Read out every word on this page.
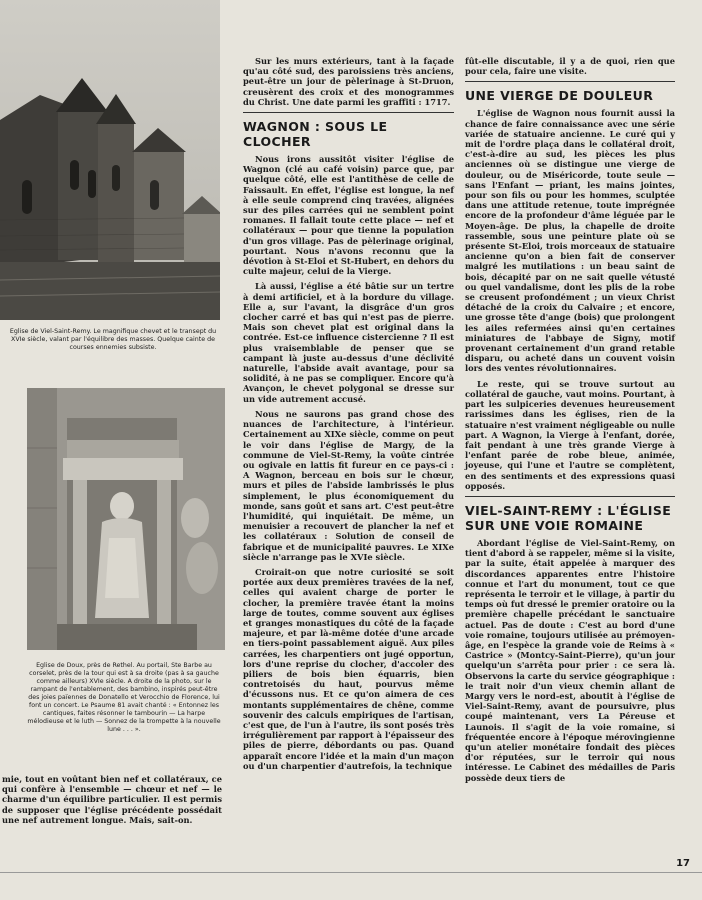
Eglise de Viel-Saint-Remy. Le magnifique chevet et le transept du XVIe siècle, valant par l'équilibre des masses. Quelque cainte de courses ennemies subsiste.
Eglise de Doux, près de Rethel. Au portail, Ste Barbe au corselet, près de la tour qui est à sa droite (pas à sa gauche comme ailleurs) XVIe siècle. A droite de la photo, sur le rampant de l'entablement, des bambino, inspirés peut-être des joies païennes de Donatello et Verocchio de Florence, lui font un concert. Le Psaume 81 avait chanté : « Entonnez les cantiques, faites résonner le tambourin — La harpe mélodieuse et le luth — Sonnez de la trompette à la nouvelle lune . . . ».

mie, tout en voûtant bien nef et collatéraux, ce qui confère à l'ensemble — chœur et nef — le charme d'un équilibre particulier. Il est permis de supposer que l'église précédente possédait une nef autrement longue. Mais, sait-on.

Sur les murs extérieurs, tant à la façade qu'au côté sud, des paroissiens très anciens, peut-être un jour de pèlerinage à St-Druon, creusèrent des croix et des monogrammes du Christ. Une date parmi les graffiti : 1717.

WAGNON : SOUS LE CLOCHER

Nous irons aussitôt visiter l'église de Wagnon (clé au café voisin) parce que, par quelque côté, elle est l'antithèse de celle de Faissault. En effet, l'église est longue, la nef à elle seule comprend cinq travées, alignées sur des piles carrées qui ne semblent point romanes. Il fallait toute cette place — nef et collatéraux — pour que tienne la population d'un gros village. Pas de pèlerinage original, pourtant. Nous n'avons reconnu que la dévotion à St-Eloi et St-Hubert, en dehors du culte majeur, celui de la Vierge.

Là aussi, l'église a été bâtie sur un tertre à demi artificiel, et à la bordure du village. Elle a, sur l'avant, la disgrâce d'un gros clocher carré et bas qui n'est pas de pierre. Mais son chevet plat est original dans la contrée. Est-ce influence cistercienne ? Il est plus vraisemblable de penser que se campant là juste au-dessus d'une déclivité naturelle, l'abside avait avantage, pour sa solidité, à ne pas se compliquer. Encore qu'à Avançon, le chevet polygonal se dresse sur un vide autrement accusé.

Nous ne saurons pas grand chose des nuances de l'architecture, à l'intérieur. Certainement au XIXe siècle, comme on peut le voir dans l'église de Margy, de la commune de Viel-St-Remy, la voûte cintrée ou ogivale en lattis fit fureur en ce pays-ci : A Wagnon, berceau en bois sur le chœur, murs et piles de l'abside lambrissés le plus simplement, le plus économiquement du monde, sans goût et sans art. C'est peut-être l'humidité, qui inquiétait. De même, un menuisier a recouvert de plancher la nef et les collatéraux : Solution de conseil de fabrique et de municipalité pauvres. Le XIXe siècle n'arrange pas le XVIe siècle.

Croirait-on que notre curiosité se soit portée aux deux premières travées de la nef, celles qui avaient charge de porter le clocher, la première travée étant la moins large de toutes, comme souvent aux églises et granges monastiques du côté de la façade majeure, et par là-même dotée d'une arcade en tiers-point passablement aiguë. Aux piles carrées, les charpentiers ont jugé opportun, lors d'une reprise du clocher, d'accoler des piliers de bois bien équarris, bien contretoisés du haut, pourvus même d'écussons nus. Et ce qu'on aimera de ces montants supplémentaires de chêne, comme souvenir des calculs empiriques de l'artisan, c'est que, de l'un à l'autre, ils sont posés très irrégulièrement par rapport à l'épaisseur des piles de pierre, débordants ou pas. Quand apparaît encore l'idée et la main d'un maçon ou d'un charpentier d'autrefois, la technique

fût-elle discutable, il y a de quoi, rien que pour cela, faire une visite.

UNE VIERGE DE DOULEUR

L'église de Wagnon nous fournit aussi la chance de faire connaissance avec une série variée de statuaire ancienne. Le curé qui y mit de l'ordre plaça dans le collatéral droit, c'est-à-dire au sud, les pièces les plus anciennes où se distingue une vierge de douleur, ou de Miséricorde, toute seule — sans l'Enfant — priant, les mains jointes, pour son fils ou pour les hommes, sculptée dans une attitude retenue, toute imprégnée encore de la profondeur d'âme léguée par le Moyen-âge. De plus, la chapelle de droite rassemble, sous une peinture plate où se présente St-Eloi, trois morceaux de statuaire ancienne qu'on a bien fait de conserver malgré les mutilations : un beau saint de bois, décapité par on ne sait quelle vétusté ou quel vandalisme, dont les plis de la robe se creusent profondément ; un vieux Christ détaché de la croix du Calvaire ; et encore, une grosse tête d'ange (bois) que prolongent les ailes refermées ainsi qu'en certaines miniatures de l'abbaye de Signy, motif provenant certainement d'un grand retable disparu, ou acheté dans un couvent voisin lors des ventes révolutionnaires.

Le reste, qui se trouve surtout au collatéral de gauche, vaut moins. Pourtant, à part les sulpiceries devenues heureusement rarissimes dans les églises, rien de la statuaire n'est vraiment négligeable ou nulle part. A Wagnon, la Vierge à l'enfant, dorée, fait pendant à une très grande Vierge à l'enfant parée de robe bleue, animée, joyeuse, qui l'une et l'autre se complètent, en des sentiments et des expressions quasi opposés.

VIEL-SAINT-REMY : L'ÉGLISE SUR UNE VOIE ROMAINE

Abordant l'église de Viel-Saint-Remy, on tient d'abord à se rappeler, même si la visite, par la suite, était appelée à marquer des discordances apparentes entre l'histoire connue et l'art du monument, tout ce que représenta le terroir et le village, à partir du temps où fut dressé le premier oratoire ou la première chapelle précédant le sanctuaire actuel. Pas de doute : C'est au bord d'une voie romaine, toujours utilisée au prémoyen-âge, en l'espèce la grande voie de Reims à « Castrice » (Montcy-Saint-Pierre), qu'un jour quelqu'un s'arrêta pour prier : ce sera là. Observons la carte du service géographique : le trait noir d'un vieux chemin allant de Margy vers le nord-est, aboutit à l'église de Viel-Saint-Remy, avant de poursuivre, plus coupé maintenant, vers La Péreuse et Launois. Il s'agit de la voie romaine, si fréquentée encore à l'époque mérovingienne qu'un atelier monétaire fondait des pièces d'or réputées, sur le terroir qui nous intéresse. Le Cabinet des médailles de Paris possède deux tiers de

17
